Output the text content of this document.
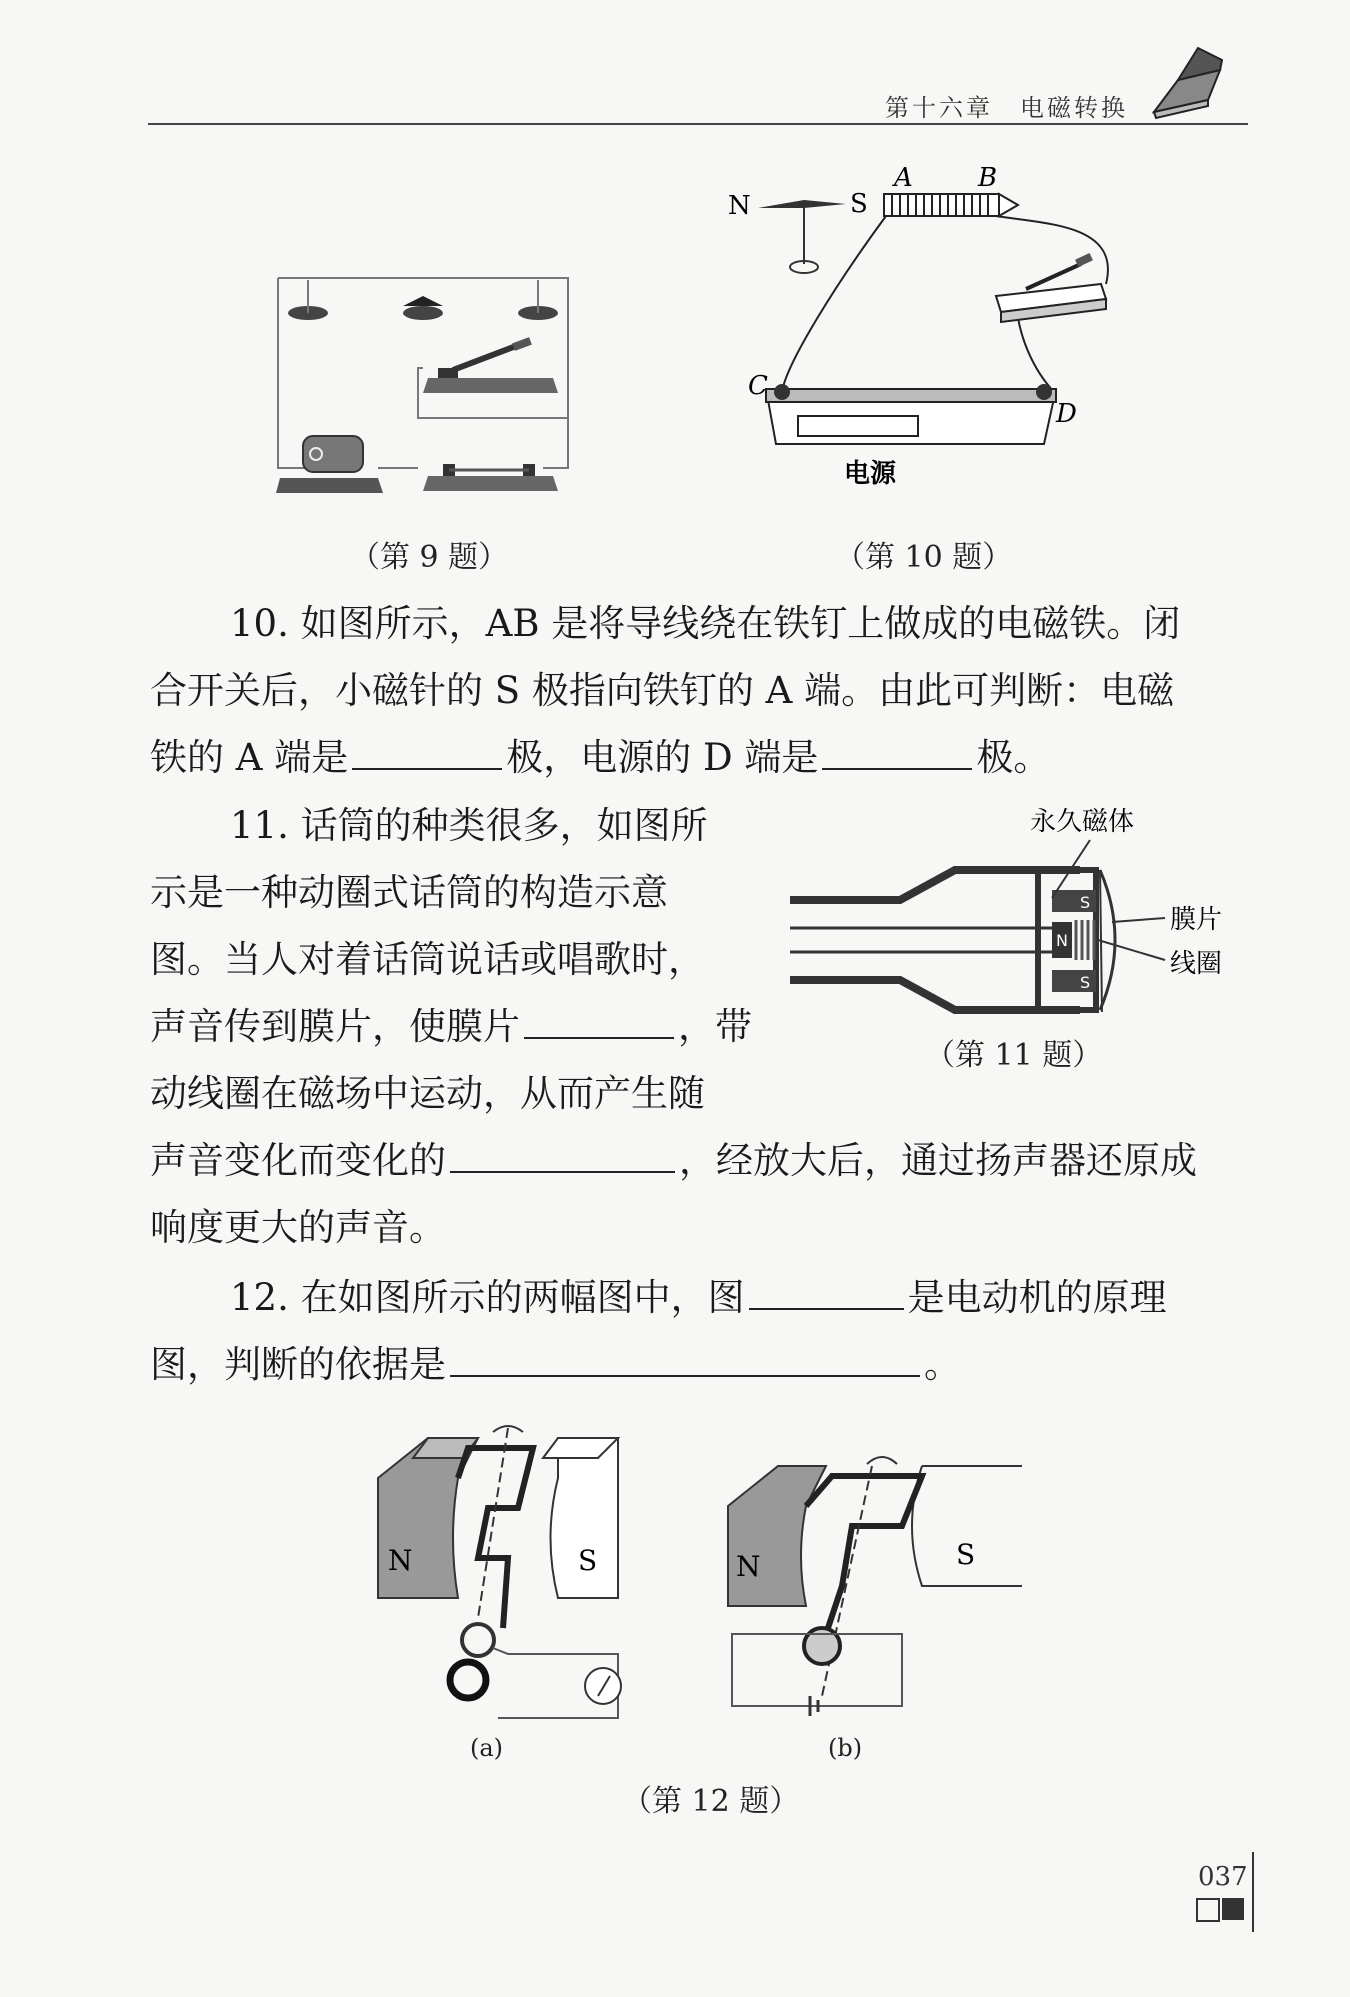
第十六章　电磁转换
（第 9 题）
N	S
A	B
C
D
电源
（第 10 题）
10. 如图所示，AB 是将导线绕在铁钉上做成的电磁铁。闭
合开关后，小磁针的 S 极指向铁钉的 A 端。由此可判断：电磁
铁的 A 端是	极，电源的 D 端是	极。
11. 话筒的种类很多，如图所
示是一种动圈式话筒的构造示意
图。当人对着话筒说话或唱歌时，
声音传到膜片，使膜片	，带
动线圈在磁场中运动，从而产生随
声音变化而变化的	，经放大后，通过扬声器还原成
响度更大的声音。
永久磁体
S
N
S
膜片
线圈
（第 11 题）
12. 在如图所示的两幅图中，图	是电动机的原理
图，判断的依据是	。
N	S
(a)
N	S
(b)
（第 12 题）
037
